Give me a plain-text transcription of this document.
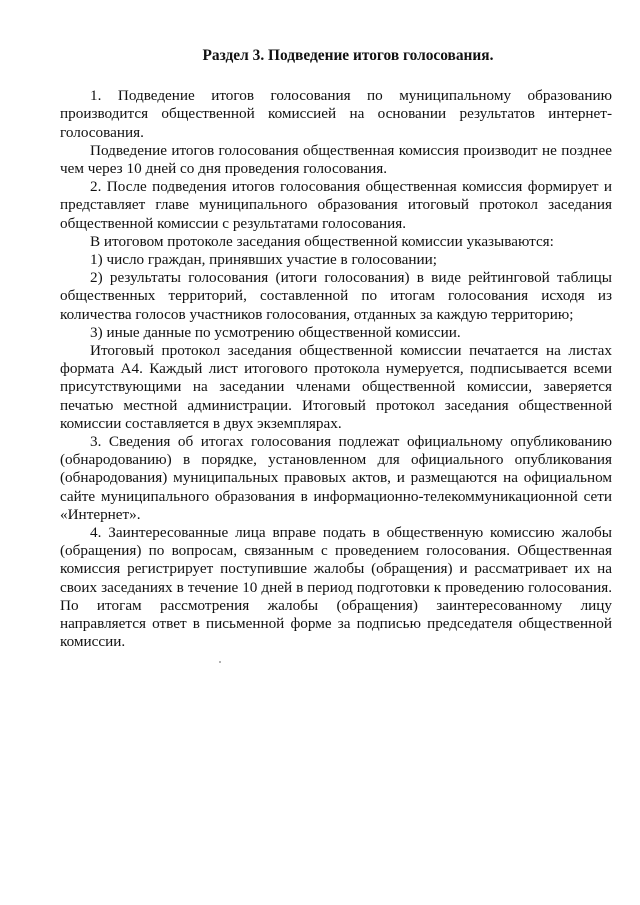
Раздел 3. Подведение итогов голосования.

1. Подведение итогов голосования по муниципальному образованию производится общественной комиссией на основании результатов интернет-голосования.

Подведение итогов голосования общественная комиссия производит не позднее чем через 10 дней со дня проведения голосования.

2. После подведения итогов голосования общественная комиссия формирует и представляет главе муниципального образования итоговый протокол заседания общественной комиссии с результатами голосования.

В итоговом протоколе заседания общественной комиссии указываются:

1) число граждан, принявших участие в голосовании;

2) результаты голосования (итоги голосования) в виде рейтинговой таблицы общественных территорий, составленной по итогам голосования исходя из количества голосов участников голосования, отданных за каждую территорию;

3) иные данные по усмотрению общественной комиссии.

Итоговый протокол заседания общественной комиссии печатается на листах формата А4. Каждый лист итогового протокола нумеруется, подписывается всеми присутствующими на заседании членами общественной комиссии, заверяется печатью местной администрации. Итоговый протокол заседания общественной комиссии составляется в двух экземплярах.

3. Сведения об итогах голосования подлежат официальному опубликованию (обнародованию) в порядке, установленном для официального опубликования (обнародования) муниципальных правовых актов, и размещаются на официальном сайте муниципального образования в информационно-телекоммуникационной сети «Интернет».

4. Заинтересованные лица вправе подать в общественную комиссию жалобы (обращения) по вопросам, связанным с проведением голосования. Общественная комиссия регистрирует поступившие жалобы (обращения) и рассматривает их на своих заседаниях в течение 10 дней в период подготовки к проведению голосования. По итогам рассмотрения жалобы (обращения) заинтересованному лицу направляется ответ в письменной форме за подписью председателя общественной комиссии.
